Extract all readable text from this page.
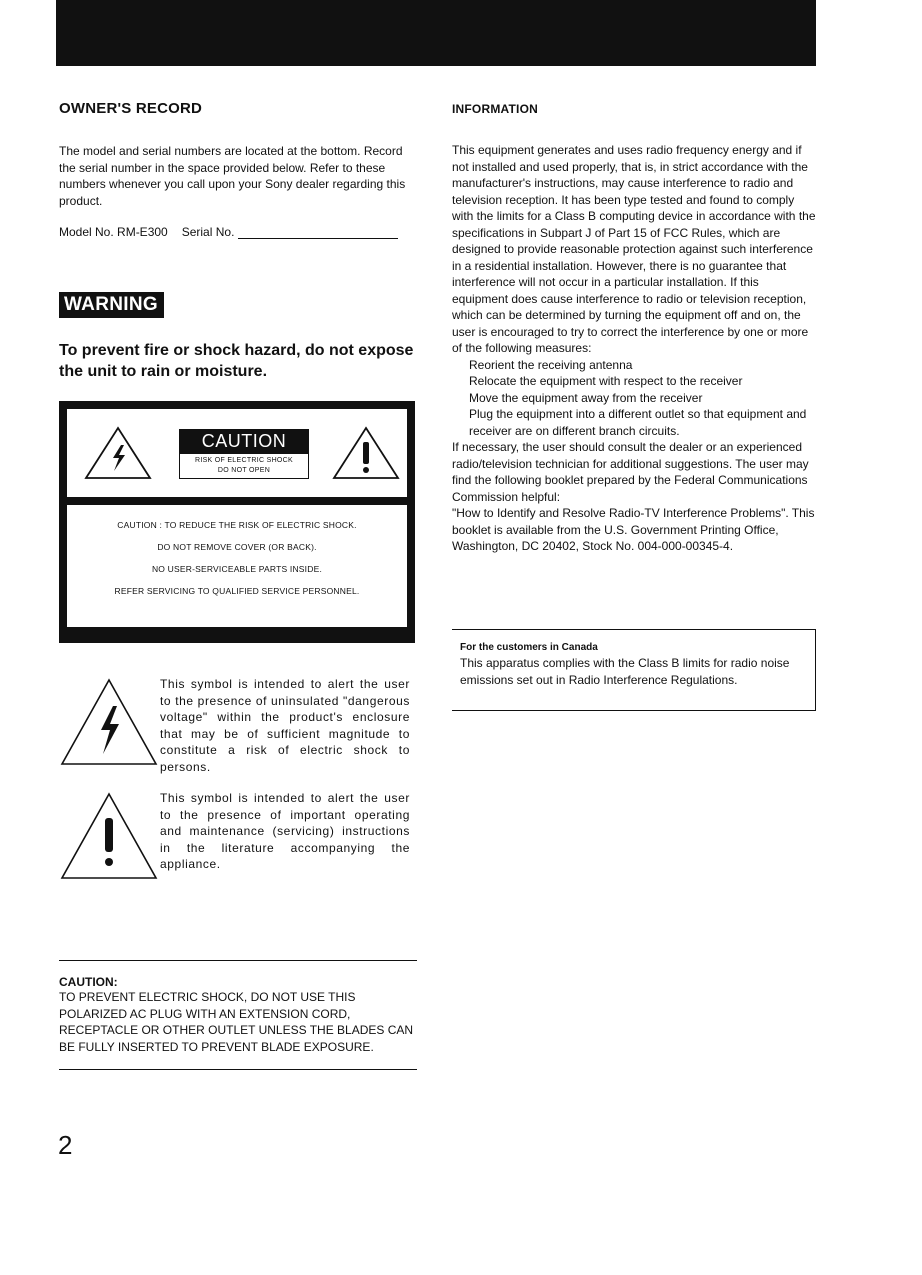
OWNER'S RECORD

The model and serial numbers are located at the bottom. Record the serial number in the space provided below. Refer to these numbers whenever you call upon your Sony dealer regarding this product.

Model No. RM-E300 Serial No.
WARNING
To prevent fire or shock hazard, do not expose the unit to rain or moisture.
CAUTION
RISK OF ELECTRIC SHOCK
DO NOT OPEN
CAUTION : TO REDUCE THE RISK OF ELECTRIC SHOCK.
DO NOT REMOVE COVER (OR BACK).
NO USER-SERVICEABLE PARTS INSIDE.
REFER SERVICING TO QUALIFIED SERVICE PERSONNEL.
This symbol is intended to alert the user to the presence of uninsulated "dangerous voltage" within the product's enclosure that may be of sufficient magnitude to constitute a risk of electric shock to persons.
This symbol is intended to alert the user to the presence of important operating and maintenance (servicing) instructions in the literature accompanying the appliance.
CAUTION:
TO PREVENT ELECTRIC SHOCK, DO NOT USE THIS POLARIZED AC PLUG WITH AN EXTENSION CORD, RECEPTACLE OR OTHER OUTLET UNLESS THE BLADES CAN BE FULLY INSERTED TO PREVENT BLADE EXPOSURE.
2
INFORMATION
This equipment generates and uses radio frequency energy and if not installed and used properly, that is, in strict accordance with the manufacturer's instructions, may cause interference to radio and television reception. It has been type tested and found to comply with the limits for a Class B computing device in accordance with the specifications in Subpart J of Part 15 of FCC Rules, which are designed to provide reasonable protection against such interference in a residential installation. However, there is no guarantee that interference will not occur in a particular installation. If this equipment does cause interference to radio or television reception, which can be determined by turning the equipment off and on, the user is encouraged to try to correct the interference by one or more of the following measures:
Reorient the receiving antenna
Relocate the equipment with respect to the receiver
Move the equipment away from the receiver
Plug the equipment into a different outlet so that equipment and receiver are on different branch circuits.
If necessary, the user should consult the dealer or an experienced radio/television technician for additional suggestions. The user may find the following booklet prepared by the Federal Communications Commission helpful:
"How to Identify and Resolve Radio-TV Interference Problems". This booklet is available from the U.S. Government Printing Office, Washington, DC 20402, Stock No. 004-000-00345-4.
For the customers in Canada
This apparatus complies with the Class B limits for radio noise emissions set out in Radio Interference Regulations.
